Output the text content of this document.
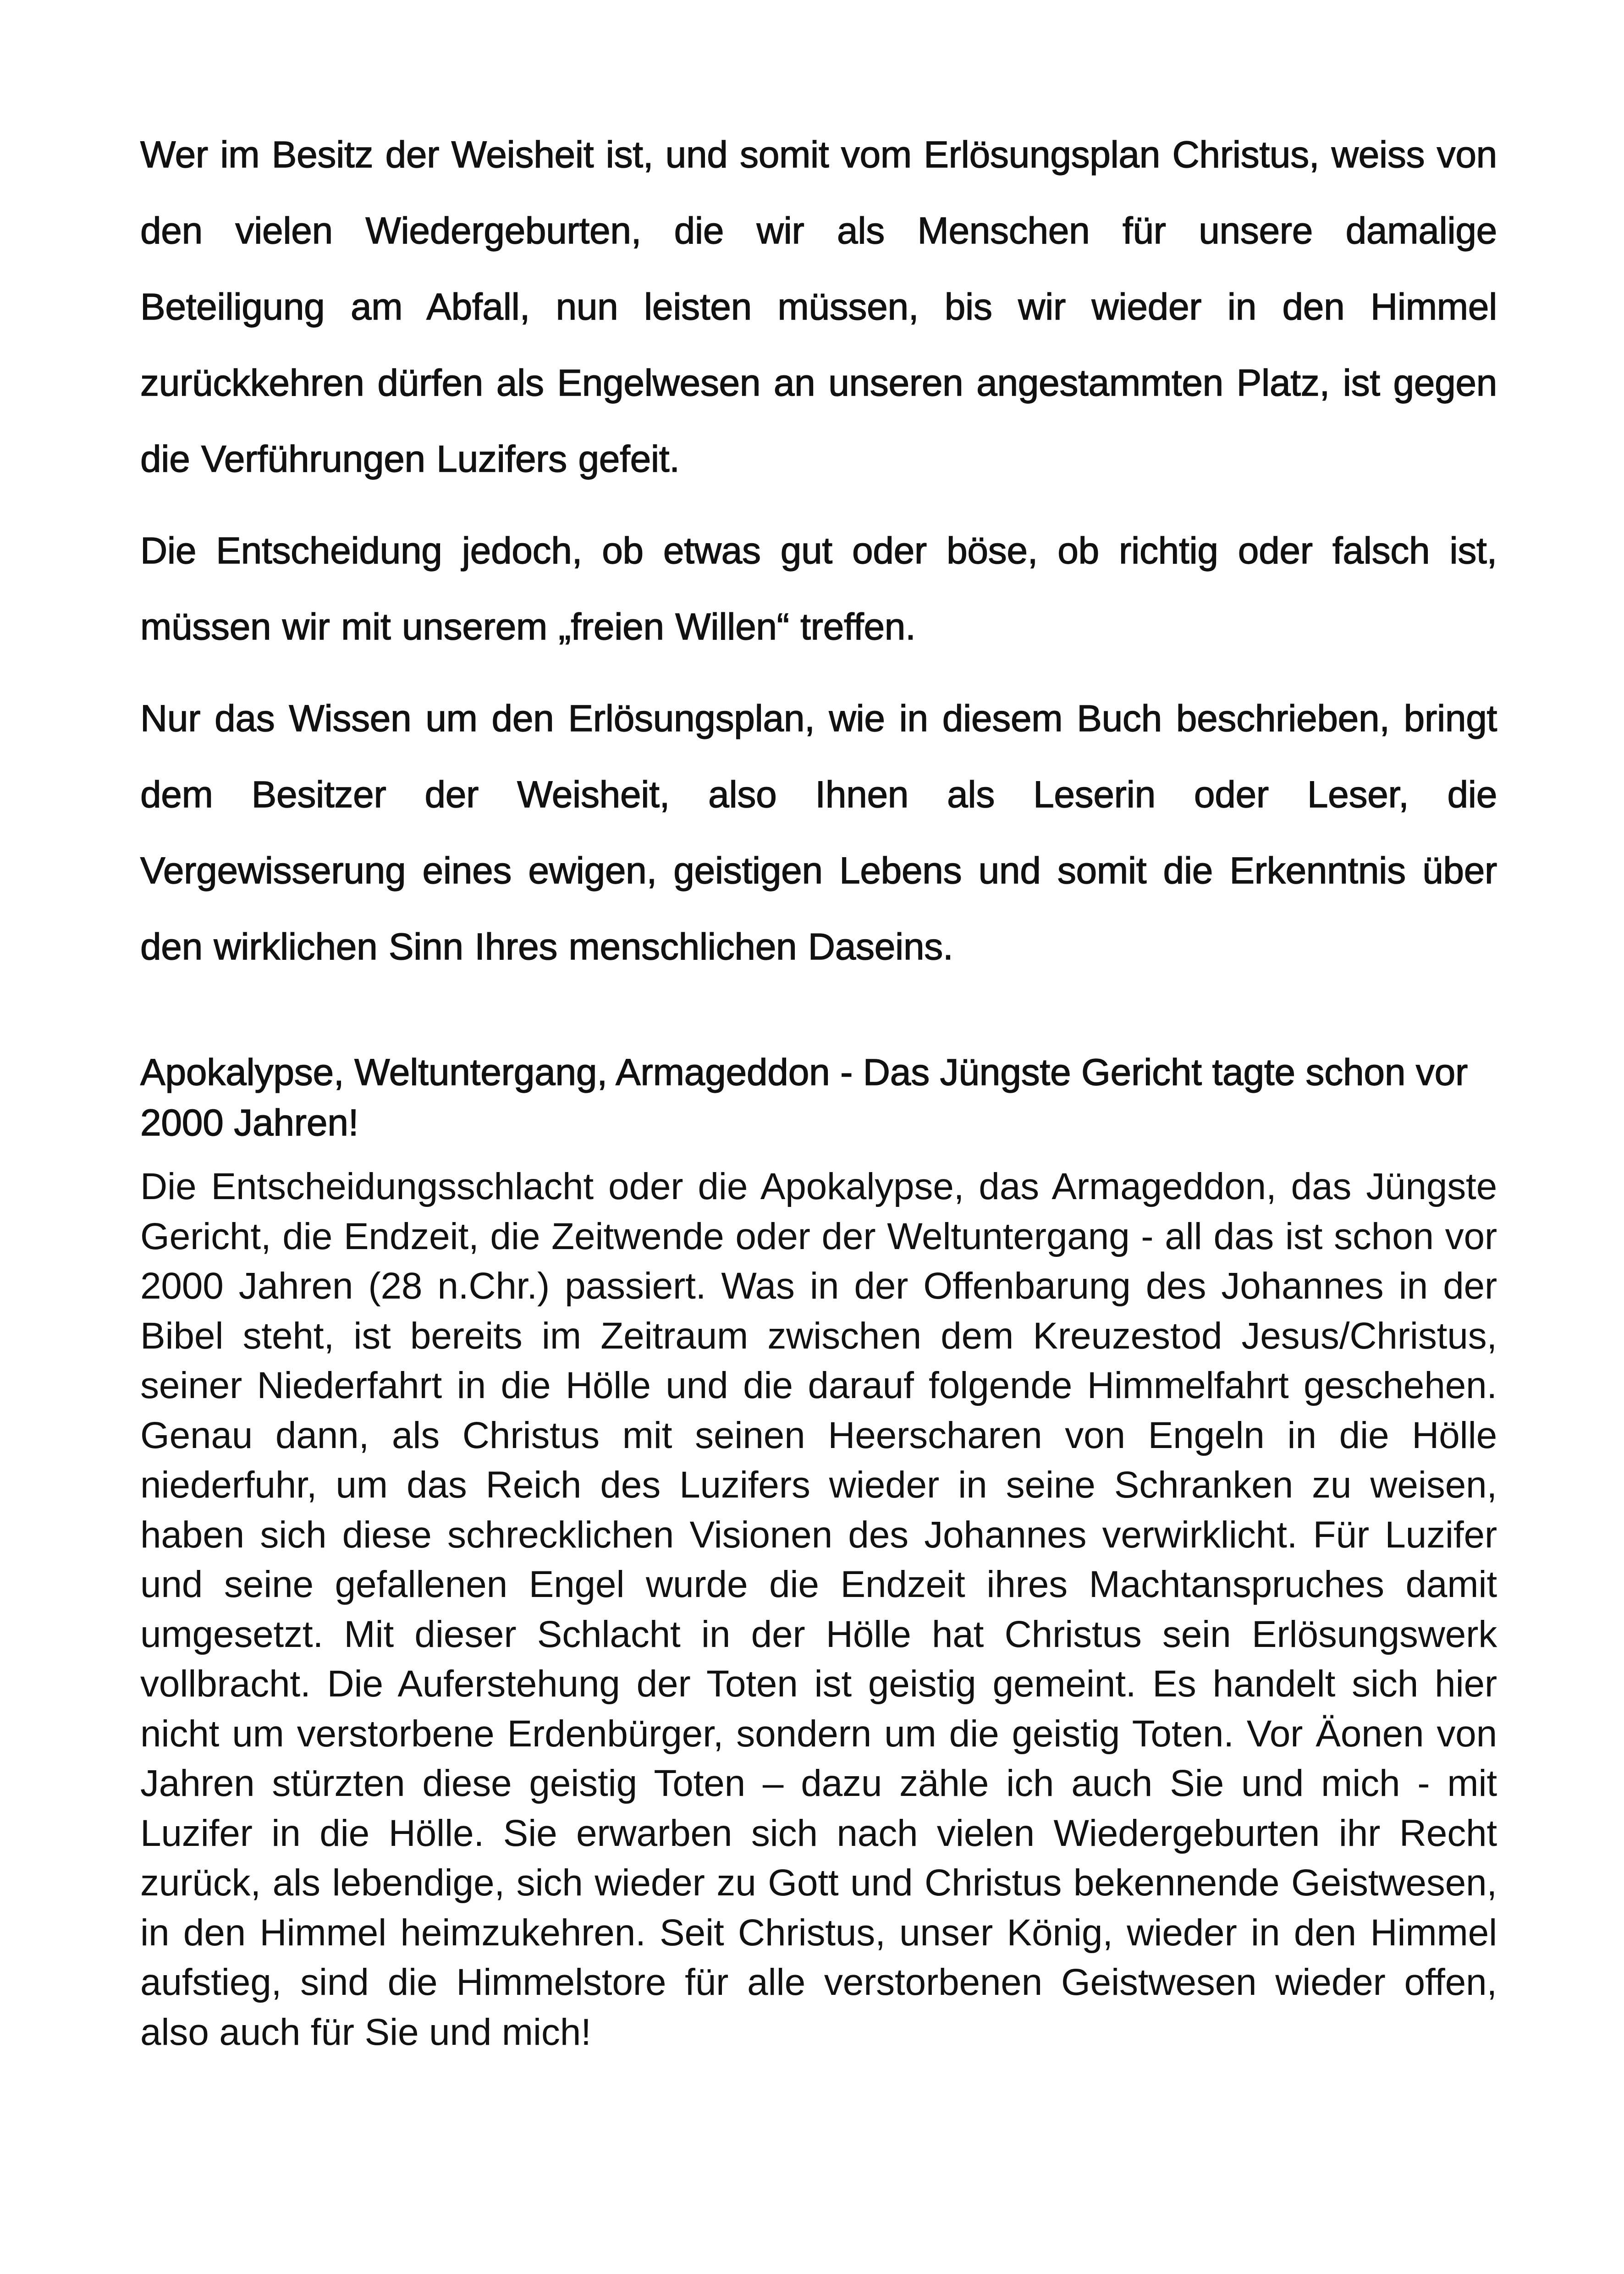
Wer im Besitz der Weisheit ist, und somit vom Erlösungsplan Christus, weiss von den vielen Wiedergeburten, die wir als Menschen für unsere damalige Beteiligung am Abfall, nun leisten müssen, bis wir wieder in den Himmel zurückkehren dürfen als Engelwesen an unseren angestammten Platz, ist gegen die Verführungen Luzifers gefeit.

Die Entscheidung jedoch, ob etwas gut oder böse, ob richtig oder falsch ist, müssen wir mit unserem „freien Willen“ treffen.

Nur das Wissen um den Erlösungsplan, wie in diesem Buch beschrieben, bringt dem Besitzer der Weisheit, also Ihnen als Leserin oder Leser, die Vergewisserung eines ewigen, geistigen Lebens und somit die Erkenntnis über den wirklichen Sinn Ihres menschlichen Daseins.

Apokalypse, Weltuntergang, Armageddon - Das Jüngste Gericht tagte schon vor 2000 Jahren!

Die Entscheidungsschlacht oder die Apokalypse, das Armageddon, das Jüngste Gericht, die Endzeit, die Zeitwende oder der Weltuntergang - all das ist schon vor 2000 Jahren (28 n.Chr.) passiert. Was in der Offenbarung des Johannes in der Bibel steht, ist bereits im Zeitraum zwischen dem Kreuzestod Jesus/Christus, seiner Niederfahrt in die Hölle und die darauf folgende Himmelfahrt geschehen. Genau dann, als Christus mit seinen Heerscharen von Engeln in die Hölle niederfuhr, um das Reich des Luzifers wieder in seine Schranken zu weisen, haben sich diese schrecklichen Visionen des Johannes verwirklicht. Für Luzifer und seine gefallenen Engel wurde die Endzeit ihres Machtanspruches damit umgesetzt. Mit dieser Schlacht in der Hölle hat Christus sein Erlösungswerk vollbracht. Die Auferstehung der Toten ist geistig gemeint. Es handelt sich hier nicht um verstorbene Erdenbürger, sondern um die geistig Toten. Vor Äonen von Jahren stürzten diese geistig Toten – dazu zähle ich auch Sie und mich - mit Luzifer in die Hölle. Sie erwarben sich nach vielen Wiedergeburten ihr Recht zurück, als lebendige, sich wieder zu Gott und Christus bekennende Geistwesen, in den Himmel heimzukehren. Seit Christus, unser König, wieder in den Himmel aufstieg, sind die Himmelstore für alle verstorbenen Geistwesen wieder offen, also auch für Sie und mich!
